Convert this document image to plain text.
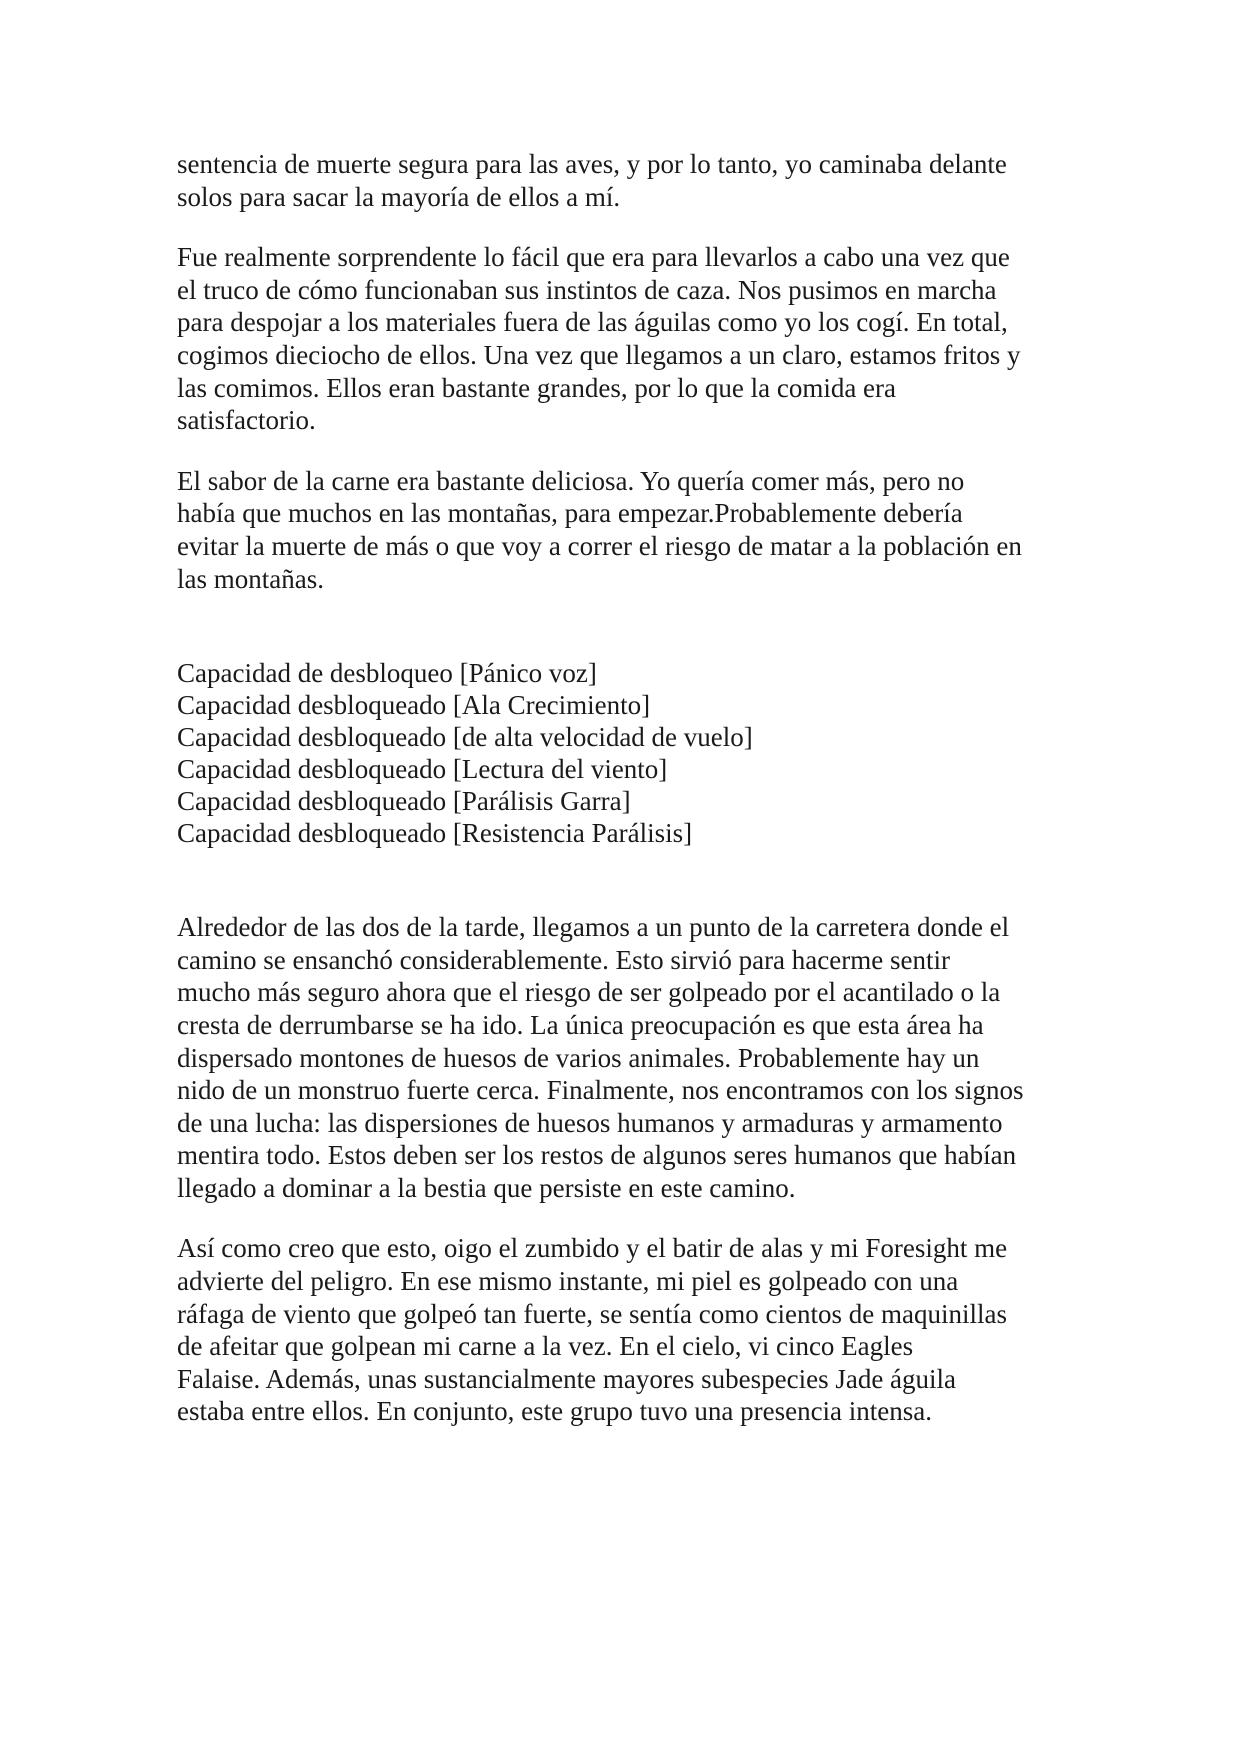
sentencia de muerte segura para las aves, y por lo tanto, yo caminaba delante
solos para sacar la mayoría de ellos a mí.

Fue realmente sorprendente lo fácil que era para llevarlos a cabo una vez que
el truco de cómo funcionaban sus instintos de caza. Nos pusimos en marcha
para despojar a los materiales fuera de las águilas como yo los cogí. En total,
cogimos dieciocho de ellos. Una vez que llegamos a un claro, estamos fritos y
las comimos. Ellos eran bastante grandes, por lo que la comida era
satisfactorio.

El sabor de la carne era bastante deliciosa. Yo quería comer más, pero no
había que muchos en las montañas, para empezar.Probablemente debería
evitar la muerte de más o que voy a correr el riesgo de matar a la población en
las montañas.

Capacidad de desbloqueo [Pánico voz]

Capacidad desbloqueado [Ala Crecimiento]

Capacidad desbloqueado [de alta velocidad de vuelo]

Capacidad desbloqueado [Lectura del viento]

Capacidad desbloqueado [Parálisis Garra]

Capacidad desbloqueado [Resistencia Parálisis]

Alrededor de las dos de la tarde, llegamos a un punto de la carretera donde el
camino se ensanchó considerablemente. Esto sirvió para hacerme sentir
mucho más seguro ahora que el riesgo de ser golpeado por el acantilado o la
cresta de derrumbarse se ha ido. La única preocupación es que esta área ha
dispersado montones de huesos de varios animales. Probablemente hay un
nido de un monstruo fuerte cerca. Finalmente, nos encontramos con los signos
de una lucha: las dispersiones de huesos humanos y armaduras y armamento
mentira todo. Estos deben ser los restos de algunos seres humanos que habían
llegado a dominar a la bestia que persiste en este camino.

Así como creo que esto, oigo el zumbido y el batir de alas y mi Foresight me
advierte del peligro. En ese mismo instante, mi piel es golpeado con una
ráfaga de viento que golpeó tan fuerte, se sentía como cientos de maquinillas
de afeitar que golpean mi carne a la vez. En el cielo, vi cinco Eagles
Falaise. Además, unas sustancialmente mayores subespecies Jade águila
estaba entre ellos. En conjunto, este grupo tuvo una presencia intensa.
